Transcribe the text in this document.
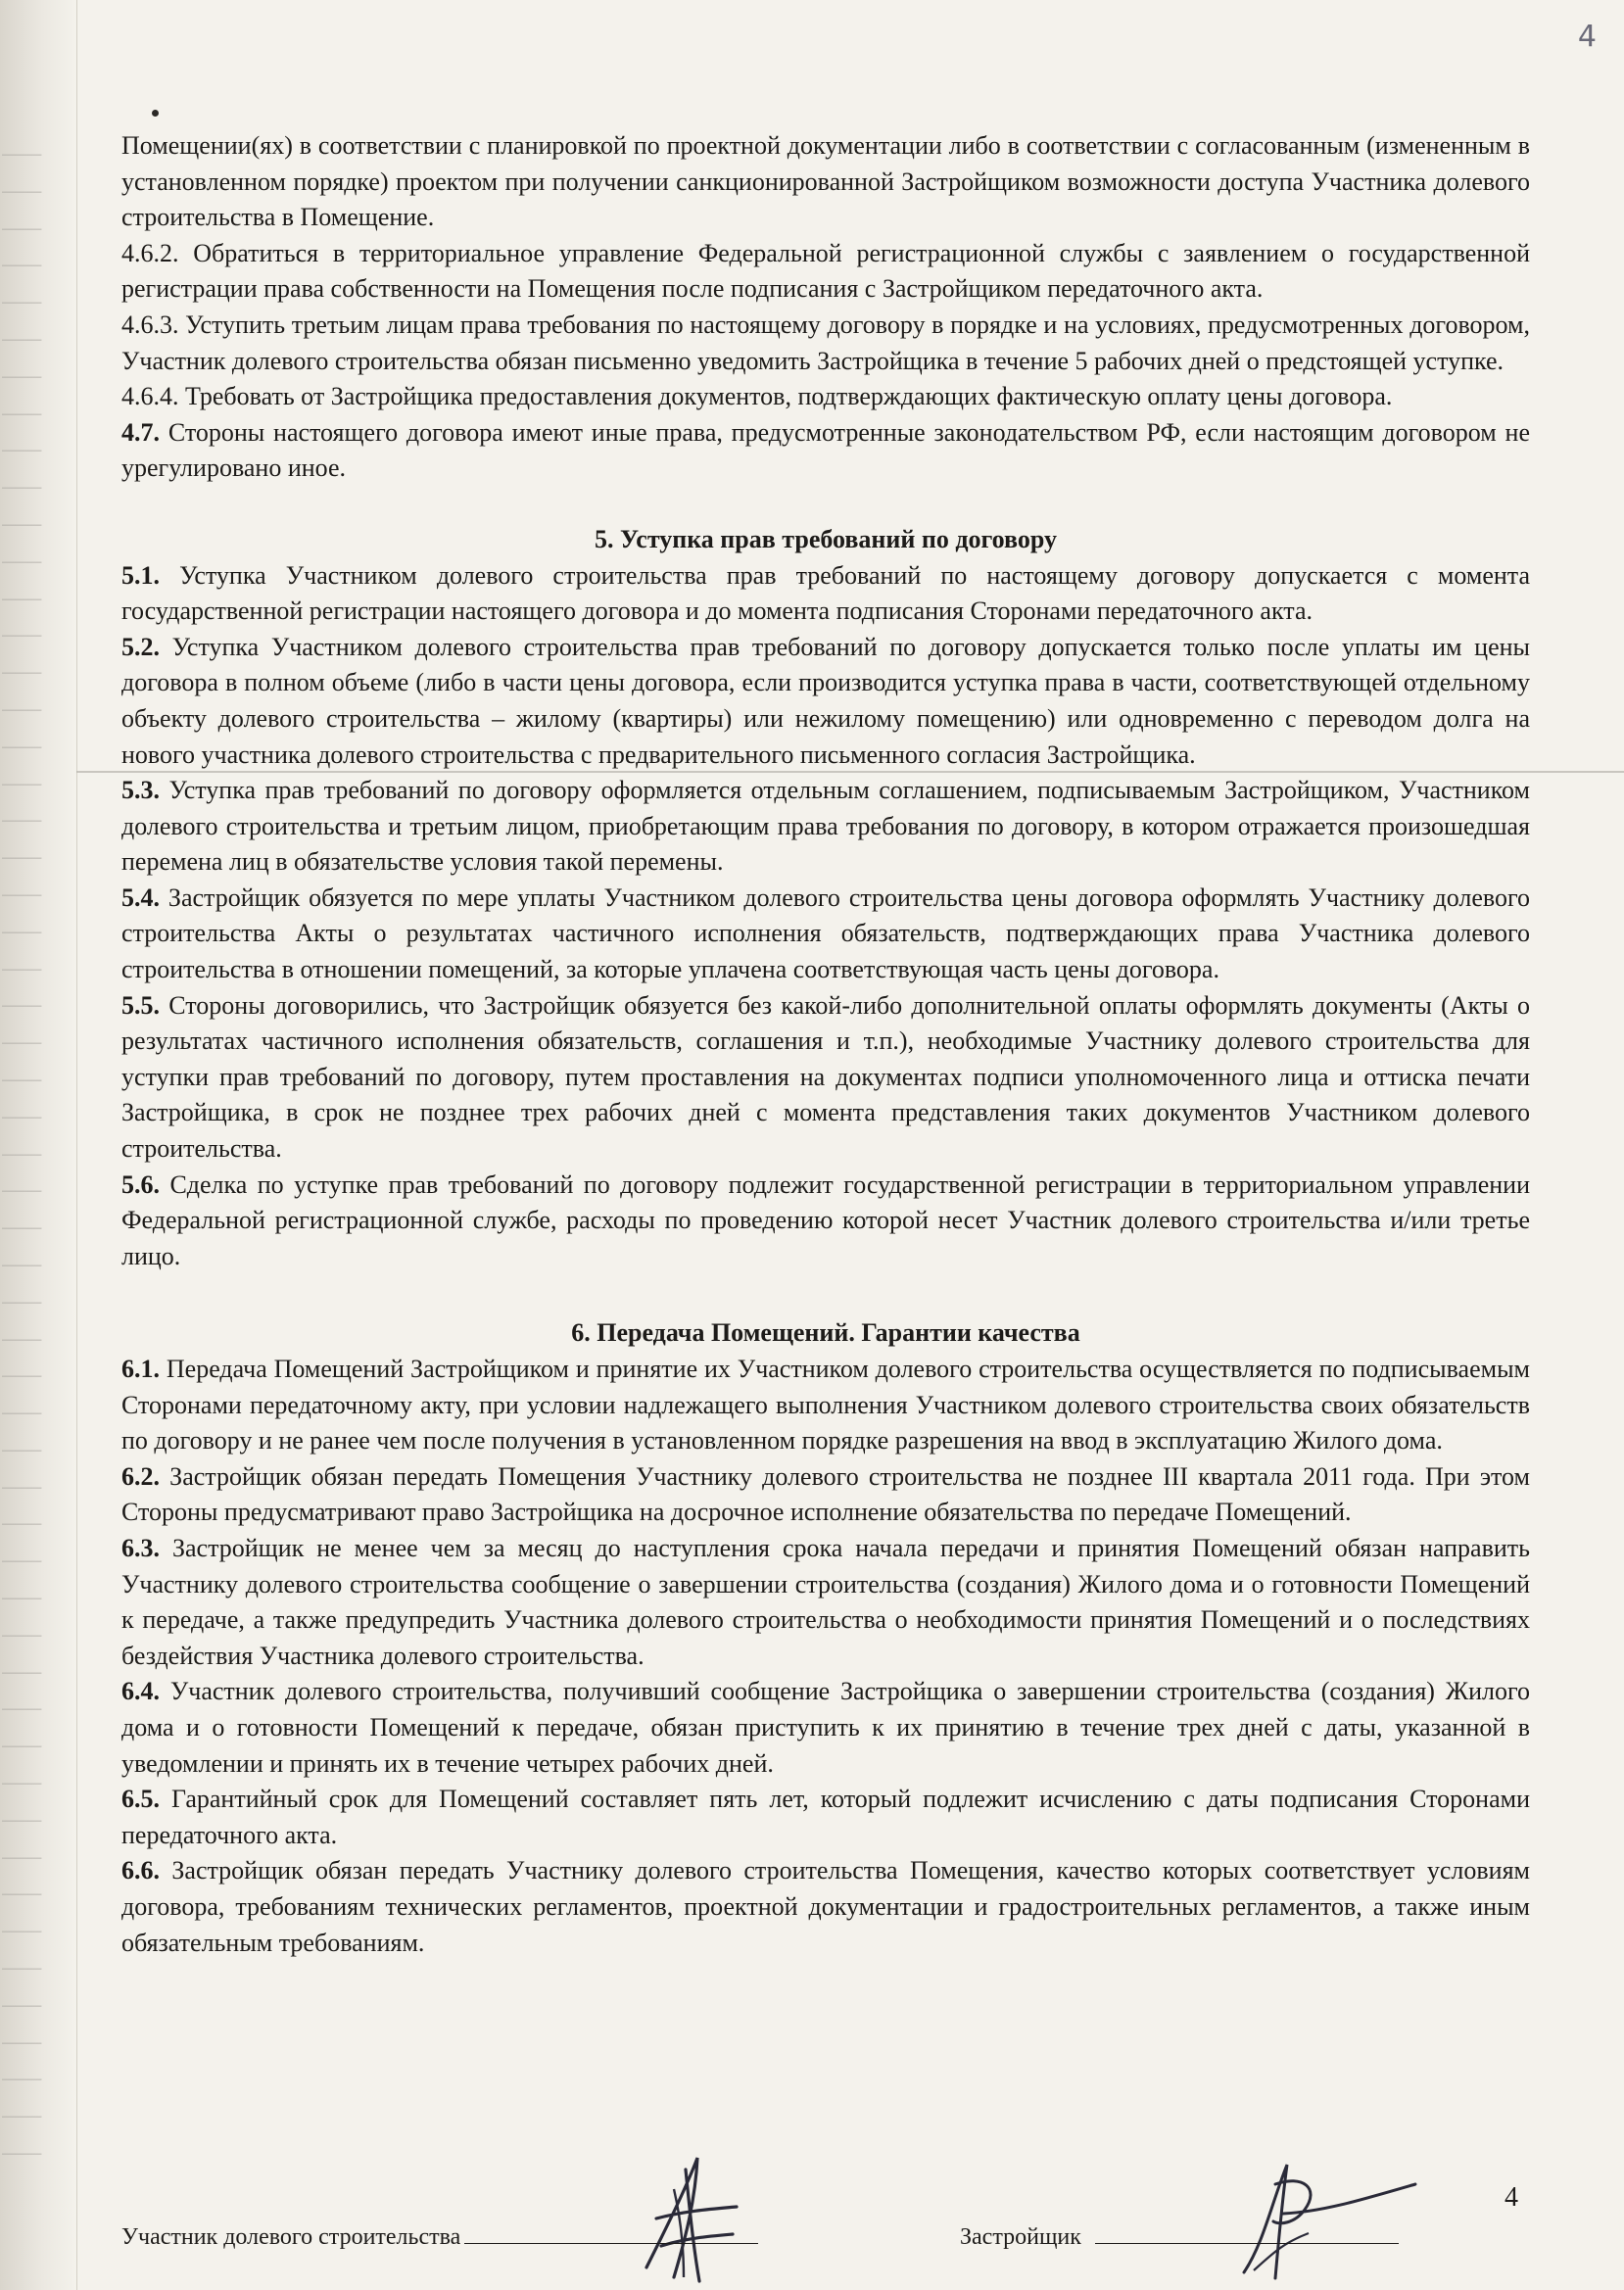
───
───
───
───
───
───
───
───
───
───
───
───
───
───
───
───
───
───
───
───
───
───
───
───
───
───
───
───
───
───
───
───
───
───
───
───
───
───
───
───
───
───
───
───
───
───
───
───
───
───
───
───
───
───
───
4

Помещении(ях) в соответствии с планировкой по проектной документации либо в соответствии с согласованным (измененным в установленном порядке) проектом при получении санкционированной Застройщиком возможности доступа Участника долевого строительства в Помещение.

4.6.2. Обратиться в территориальное управление Федеральной регистрационной службы с заявлением о государственной регистрации права собственности на Помещения после подписания с Застройщиком передаточного акта.

4.6.3. Уступить третьим лицам права требования по настоящему договору в порядке и на условиях, предусмотренных договором, Участник долевого строительства обязан письменно уведомить Застройщика в течение 5 рабочих дней о предстоящей уступке.

4.6.4. Требовать от Застройщика предоставления документов, подтверждающих фактическую оплату цены договора.

4.7. Стороны настоящего договора имеют иные права, предусмотренные законодательством РФ, если настоящим договором не урегулировано иное.

5. Уступка прав требований по договору

5.1. Уступка Участником долевого строительства прав требований по настоящему договору допускается с момента государственной регистрации настоящего договора и до момента подписания Сторонами передаточного акта.

5.2. Уступка Участником долевого строительства прав требований по договору допускается только после уплаты им цены договора в полном объеме (либо в части цены договора, если производится уступка права в части, соответствующей отдельному объекту долевого строительства – жилому (квартиры) или нежилому помещению) или одновременно с переводом долга на нового участника долевого строительства с предварительного письменного согласия Застройщика.

5.3. Уступка прав требований по договору оформляется отдельным соглашением, подписываемым Застройщиком, Участником долевого строительства и третьим лицом, приобретающим права требования по договору, в котором отражается произошедшая перемена лиц в обязательстве условия такой перемены.

5.4. Застройщик обязуется по мере уплаты Участником долевого строительства цены договора оформлять Участнику долевого строительства Акты о результатах частичного исполнения обязательств, подтверждающих права Участника долевого строительства в отношении помещений, за которые уплачена соответствующая часть цены договора.

5.5. Стороны договорились, что Застройщик обязуется без какой-либо дополнительной оплаты оформлять документы (Акты о результатах частичного исполнения обязательств, соглашения и т.п.), необходимые Участнику долевого строительства для уступки прав требований по договору, путем проставления на документах подписи уполномоченного лица и оттиска печати Застройщика, в срок не позднее трех рабочих дней с момента представления таких документов Участником долевого строительства.

5.6. Сделка по уступке прав требований по договору подлежит государственной регистрации в территориальном управлении Федеральной регистрационной службе, расходы по проведению которой несет Участник долевого строительства и/или третье лицо.

6. Передача Помещений. Гарантии качества

6.1. Передача Помещений Застройщиком и принятие их Участником долевого строительства осуществляется по подписываемым Сторонами передаточному акту, при условии надлежащего выполнения Участником долевого строительства своих обязательств по договору и не ранее чем после получения в установленном порядке разрешения на ввод в эксплуатацию Жилого дома.

6.2. Застройщик обязан передать Помещения Участнику долевого строительства не позднее III квартала 2011 года. При этом Стороны предусматривают право Застройщика на досрочное исполнение обязательства по передаче Помещений.

6.3. Застройщик не менее чем за месяц до наступления срока начала передачи и принятия Помещений обязан направить Участнику долевого строительства сообщение о завершении строительства (создания) Жилого дома и о готовности Помещений к передаче, а также предупредить Участника долевого строительства о необходимости принятия Помещений и о последствиях бездействия Участника долевого строительства.

6.4. Участник долевого строительства, получивший сообщение Застройщика о завершении строительства (создания) Жилого дома и о готовности Помещений к передаче, обязан приступить к их принятию в течение трех дней с даты, указанной в уведомлении и принять их в течение четырех рабочих дней.

6.5. Гарантийный срок для Помещений составляет пять лет, который подлежит исчислению с даты подписания Сторонами передаточного акта.

6.6. Застройщик обязан передать Участнику долевого строительства Помещения, качество которых соответствует условиям договора, требованиям технических регламентов, проектной документации и градостроительных регламентов, а также иным обязательным требованиям.

4
Участник долевого строительства	Застройщик
